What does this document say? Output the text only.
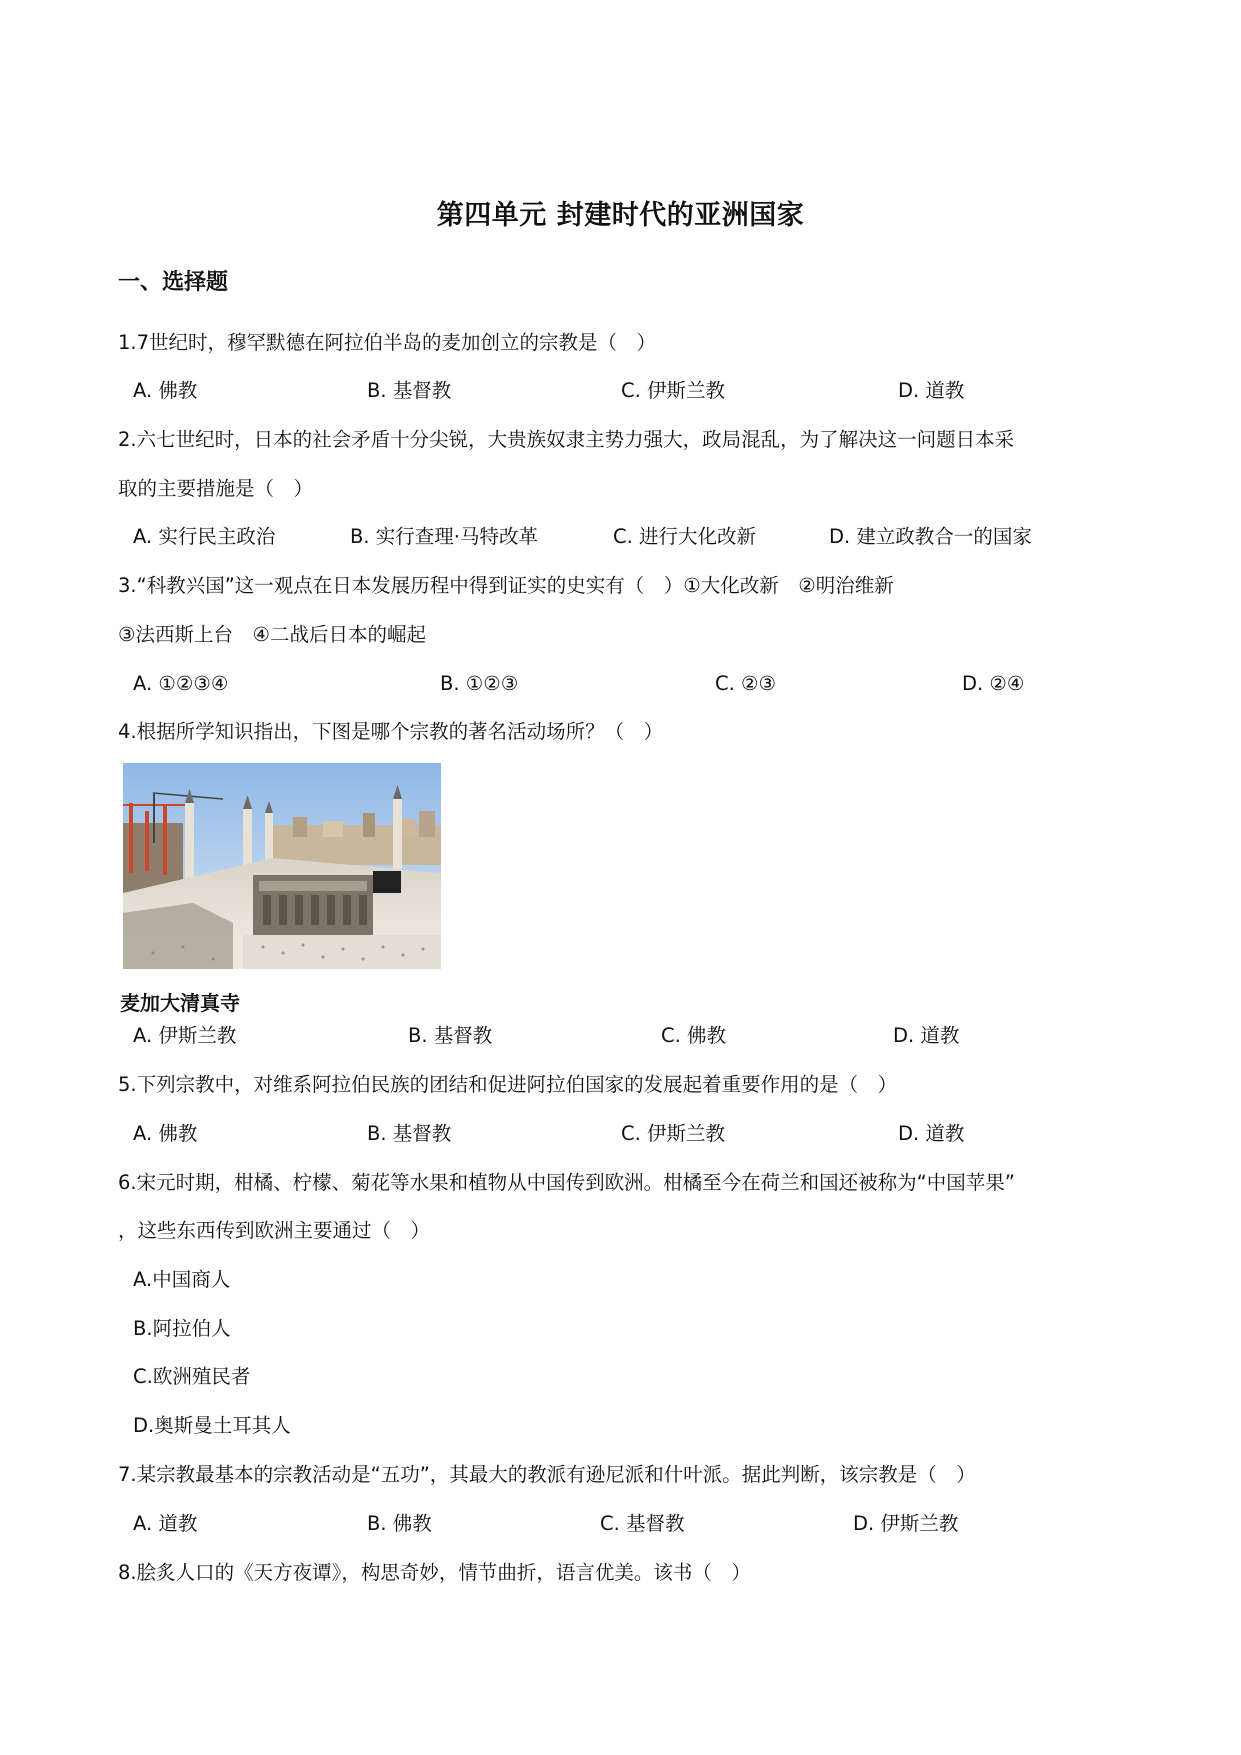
第四单元 封建时代的亚洲国家
一、选择题
1.7世纪时，穆罕默德在阿拉伯半岛的麦加创立的宗教是（　）
A. 佛教	B. 基督教	C. 伊斯兰教	D. 道教
2.六七世纪时，日本的社会矛盾十分尖锐，大贵族奴隶主势力强大，政局混乱，为了解决这一问题日本采
取的主要措施是（　）
A. 实行民主政治	B. 实行查理·马特改革	C. 进行大化改新	D. 建立政教合一的国家
3.“科教兴国”这一观点在日本发展历程中得到证实的史实有（　）①大化改新　②明治维新
③法西斯上台　④二战后日本的崛起
A. ①②③④	B. ①②③	C. ②③	D. ②④
4.根据所学知识指出，下图是哪个宗教的著名活动场所？（　）
麦加大清真寺
A. 伊斯兰教	B. 基督教	C. 佛教	D. 道教
5.下列宗教中，对维系阿拉伯民族的团结和促进阿拉伯国家的发展起着重要作用的是（　）
A. 佛教	B. 基督教	C. 伊斯兰教	D. 道教
6.宋元时期，柑橘、柠檬、菊花等水果和植物从中国传到欧洲。柑橘至今在荷兰和国还被称为“中国苹果”
，这些东西传到欧洲主要通过（　）
A.中国商人
B.阿拉伯人
C.欧洲殖民者
D.奥斯曼土耳其人
7.某宗教最基本的宗教活动是“五功”，其最大的教派有逊尼派和什叶派。据此判断，该宗教是（　）
A. 道教	B. 佛教	C. 基督教	D. 伊斯兰教
8.脍炙人口的《天方夜谭》，构思奇妙，情节曲折，语言优美。该书（　）
